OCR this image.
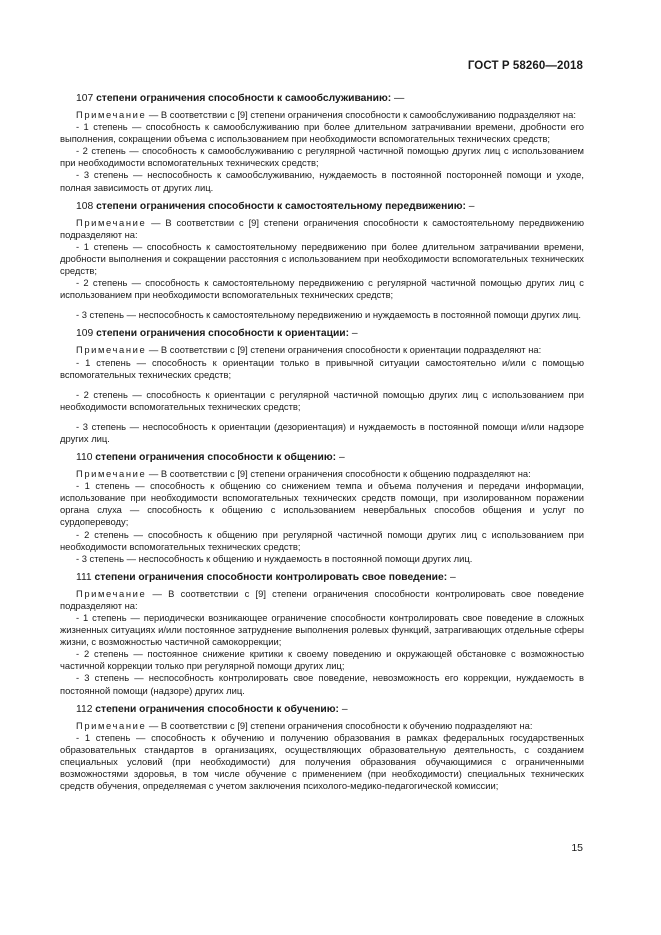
ГОСТ Р 58260—2018

107 степени ограничения способности к самообслуживанию: —

Примечание — В соответствии с [9] степени ограничения способности к самообслуживанию подразделяют на:

- 1 степень — способность к самообслуживанию при более длительном затрачивании времени, дробности его выполнения, сокращении объема с использованием при необходимости вспомогательных технических средств;

- 2 степень — способность к самообслуживанию с регулярной частичной помощью других лиц с использованием при необходимости вспомогательных технических средств;

- 3 степень — неспособность к самообслуживанию, нуждаемость в постоянной посторонней помощи и уходе, полная зависимость от других лиц.

108 степени ограничения способности к самостоятельному передвижению: –

Примечание — В соответствии с [9] степени ограничения способности к самостоятельному передвижению подразделяют на:

- 1 степень — способность к самостоятельному передвижению при более длительном затрачивании времени, дробности выполнения и сокращении расстояния с использованием при необходимости вспомогательных технических средств;

- 2 степень — способность к самостоятельному передвижению с регулярной частичной помощью других лиц с использованием при необходимости вспомогательных технических средств;

- 3 степень — неспособность к самостоятельному передвижению и нуждаемость в постоянной помощи других лиц.

109 степени ограничения способности к ориентации: –

Примечание — В соответствии с [9] степени ограничения способности к ориентации подразделяют на:

- 1 степень — способность к ориентации только в привычной ситуации самостоятельно и/или с помощью вспомогательных технических средств;

- 2 степень — способность к ориентации с регулярной частичной помощью других лиц с использованием при необходимости вспомогательных технических средств;

- 3 степень — неспособность к ориентации (дезориентация) и нуждаемость в постоянной помощи и/или надзоре других лиц.

110 степени ограничения способности к общению: –

Примечание — В соответствии с [9] степени ограничения способности к общению подразделяют на:

- 1 степень — способность к общению со снижением темпа и объема получения и передачи информации, использование при необходимости вспомогательных технических средств помощи, при изолированном поражении органа слуха — способность к общению с использованием невербальных способов общения и услуг по сурдопереводу;

- 2 степень — способность к общению при регулярной частичной помощи других лиц с использованием при необходимости вспомогательных технических средств;

- 3 степень — неспособность к общению и нуждаемость в постоянной помощи других лиц.

111 степени ограничения способности контролировать свое поведение: –

Примечание — В соответствии с [9] степени ограничения способности контролировать свое поведение подразделяют на:

- 1 степень — периодически возникающее ограничение способности контролировать свое поведение в сложных жизненных ситуациях и/или постоянное затруднение выполнения ролевых функций, затрагивающих отдельные сферы жизни, с возможностью частичной самокоррекции;

- 2 степень — постоянное снижение критики к своему поведению и окружающей обстановке с возможностью частичной коррекции только при регулярной помощи других лиц;

- 3 степень — неспособность контролировать свое поведение, невозможность его коррекции, нуждаемость в постоянной помощи (надзоре) других лиц.

112 степени ограничения способности к обучению: –

Примечание — В соответствии с [9] степени ограничения способности к обучению подразделяют на:

- 1 степень — способность к обучению и получению образования в рамках федеральных государственных образовательных стандартов в организациях, осуществляющих образовательную деятельность, с созданием специальных условий (при необходимости) для получения образования обучающимися с ограниченными возможностями здоровья, в том числе обучение с применением (при необходимости) специальных технических средств обучения, определяемая с учетом заключения психолого-медико-педагогической комиссии;

15
